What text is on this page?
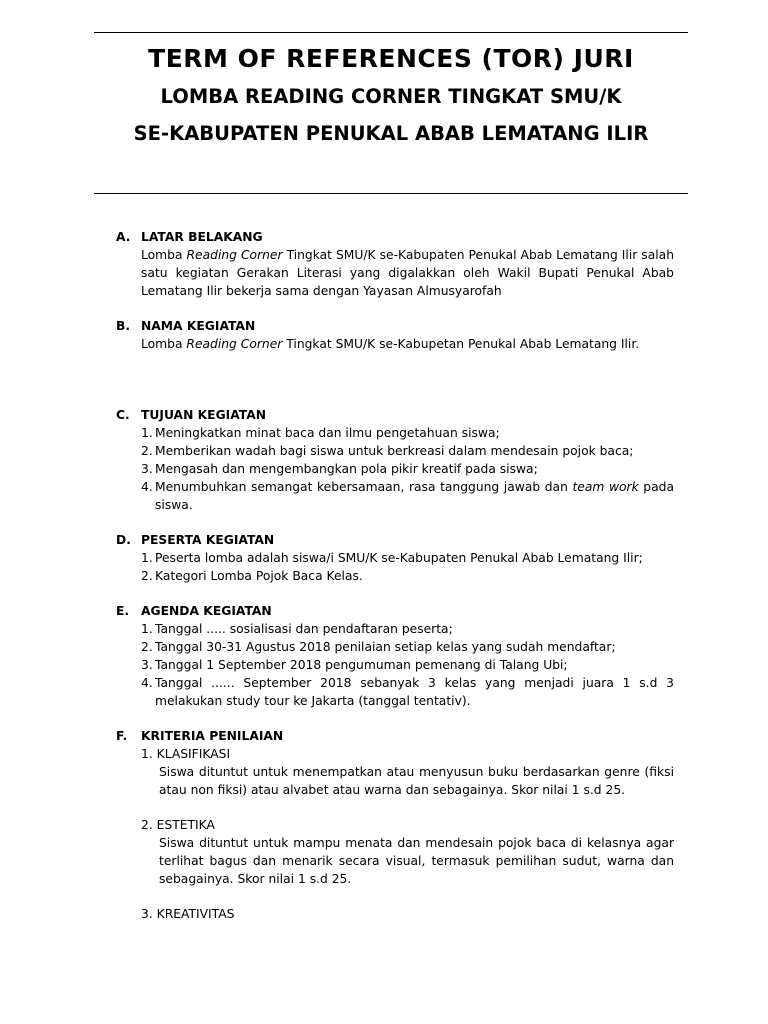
TERM OF REFERENCES (TOR) JURI
LOMBA READING CORNER TINGKAT SMU/K
SE-KABUPATEN PENUKAL ABAB LEMATANG ILIR
A. LATAR BELAKANG
Lomba Reading Corner Tingkat SMU/K se-Kabupaten Penukal Abab Lematang Ilir salah satu kegiatan Gerakan Literasi yang digalakkan oleh Wakil Bupati Penukal Abab Lematang Ilir bekerja sama dengan Yayasan Almusyarofah
B. NAMA KEGIATAN
Lomba Reading Corner Tingkat SMU/K se-Kabupetan Penukal Abab Lematang Ilir.
C. TUJUAN KEGIATAN
1. Meningkatkan minat baca dan ilmu pengetahuan siswa;
2. Memberikan wadah bagi siswa untuk berkreasi dalam mendesain pojok baca;
3. Mengasah dan mengembangkan pola pikir kreatif pada siswa;
4. Menumbuhkan semangat kebersamaan, rasa tanggung jawab dan team work pada siswa.
D. PESERTA KEGIATAN
1. Peserta lomba adalah siswa/i SMU/K se-Kabupaten Penukal Abab Lematang Ilir;
2. Kategori Lomba Pojok Baca Kelas.
E. AGENDA KEGIATAN
1. Tanggal ..... sosialisasi dan pendaftaran peserta;
2. Tanggal 30-31 Agustus 2018 penilaian setiap kelas yang sudah mendaftar;
3. Tanggal 1 September 2018 pengumuman pemenang di Talang Ubi;
4. Tanggal ...... September 2018 sebanyak 3 kelas yang menjadi juara 1 s.d 3 melakukan study tour ke Jakarta (tanggal tentativ).
F. KRITERIA PENILAIAN
1. KLASIFIKASI
Siswa dituntut untuk menempatkan atau menyusun buku berdasarkan genre (fiksi atau non fiksi) atau alvabet atau warna dan sebagainya. Skor nilai 1 s.d 25.
2. ESTETIKA
Siswa dituntut untuk mampu menata dan mendesain pojok baca di kelasnya agar terlihat bagus dan menarik secara visual, termasuk pemilihan sudut, warna dan sebagainya. Skor nilai 1 s.d 25.
3. KREATIVITAS
